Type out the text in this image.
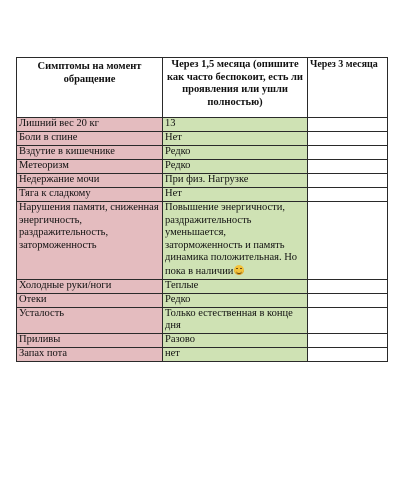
Симптомы на момент обращение	Через 1,5 месяца (опишите как часто беспокоит, есть ли проявления или ушли полностью)	Через 3 месяца
Лишний вес 20 кг	13	
Боли в спине	Нет	
Вздутие в кишечнике	Редко	
Метеоризм	Редко	
Недержание мочи	При физ. Нагрузке	
Тяга к сладкому	Нет	
Нарушения памяти, сниженная энергичность, раздражительность, заторможенность	Повышение энергичности, раздражительность уменьшается, заторможенность и память динамика положительная. Но пока в наличии

Холодные руки/ноги	Теплые	
Отеки	Редко	
Усталость	Только естественная в конце дня	
Приливы	Разово	
Запах пота	нет	
